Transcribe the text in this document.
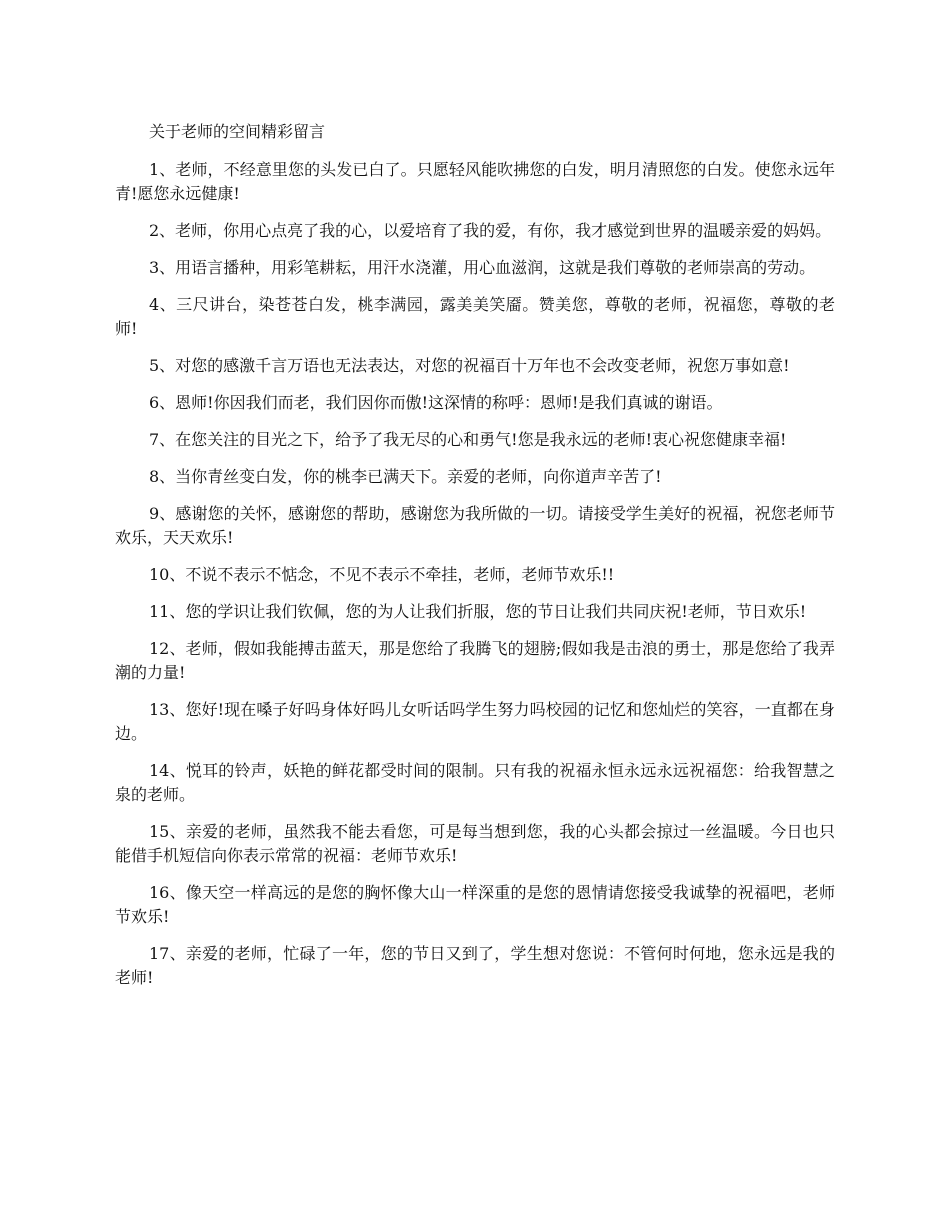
关于老师的空间精彩留言

1、老师，不经意里您的头发已白了。只愿轻风能吹拂您的白发，明月清照您的白发。使您永远年青!愿您永远健康!

2、老师，你用心点亮了我的心，以爱培育了我的爱，有你，我才感觉到世界的温暖亲爱的妈妈。

3、用语言播种，用彩笔耕耘，用汗水浇灌，用心血滋润，这就是我们尊敬的老师崇高的劳动。

4、三尺讲台，染苍苍白发，桃李满园，露美美笑靥。赞美您，尊敬的老师，祝福您，尊敬的老师!

5、对您的感激千言万语也无法表达，对您的祝福百十万年也不会改变老师，祝您万事如意!

6、恩师!你因我们而老，我们因你而傲!这深情的称呼：恩师!是我们真诚的谢语。

7、在您关注的目光之下，给予了我无尽的心和勇气!您是我永远的老师!衷心祝您健康幸福!

8、当你青丝变白发，你的桃李已满天下。亲爱的老师，向你道声辛苦了!

9、感谢您的关怀，感谢您的帮助，感谢您为我所做的一切。请接受学生美好的祝福，祝您老师节欢乐，天天欢乐!

10、不说不表示不惦念，不见不表示不牵挂，老师，老师节欢乐!!

11、您的学识让我们钦佩，您的为人让我们折服，您的节日让我们共同庆祝!老师，节日欢乐!

12、老师，假如我能搏击蓝天，那是您给了我腾飞的翅膀;假如我是击浪的勇士，那是您给了我弄潮的力量!

13、您好!现在嗓子好吗身体好吗儿女听话吗学生努力吗校园的记忆和您灿烂的笑容，一直都在身边。

14、悦耳的铃声，妖艳的鲜花都受时间的限制。只有我的祝福永恒永远永远祝福您：给我智慧之泉的老师。

15、亲爱的老师，虽然我不能去看您，可是每当想到您，我的心头都会掠过一丝温暖。今日也只能借手机短信向你表示常常的祝福：老师节欢乐!

16、像天空一样高远的是您的胸怀像大山一样深重的是您的恩情请您接受我诚挚的祝福吧，老师节欢乐!

17、亲爱的老师，忙碌了一年，您的节日又到了，学生想对您说：不管何时何地，您永远是我的老师!
